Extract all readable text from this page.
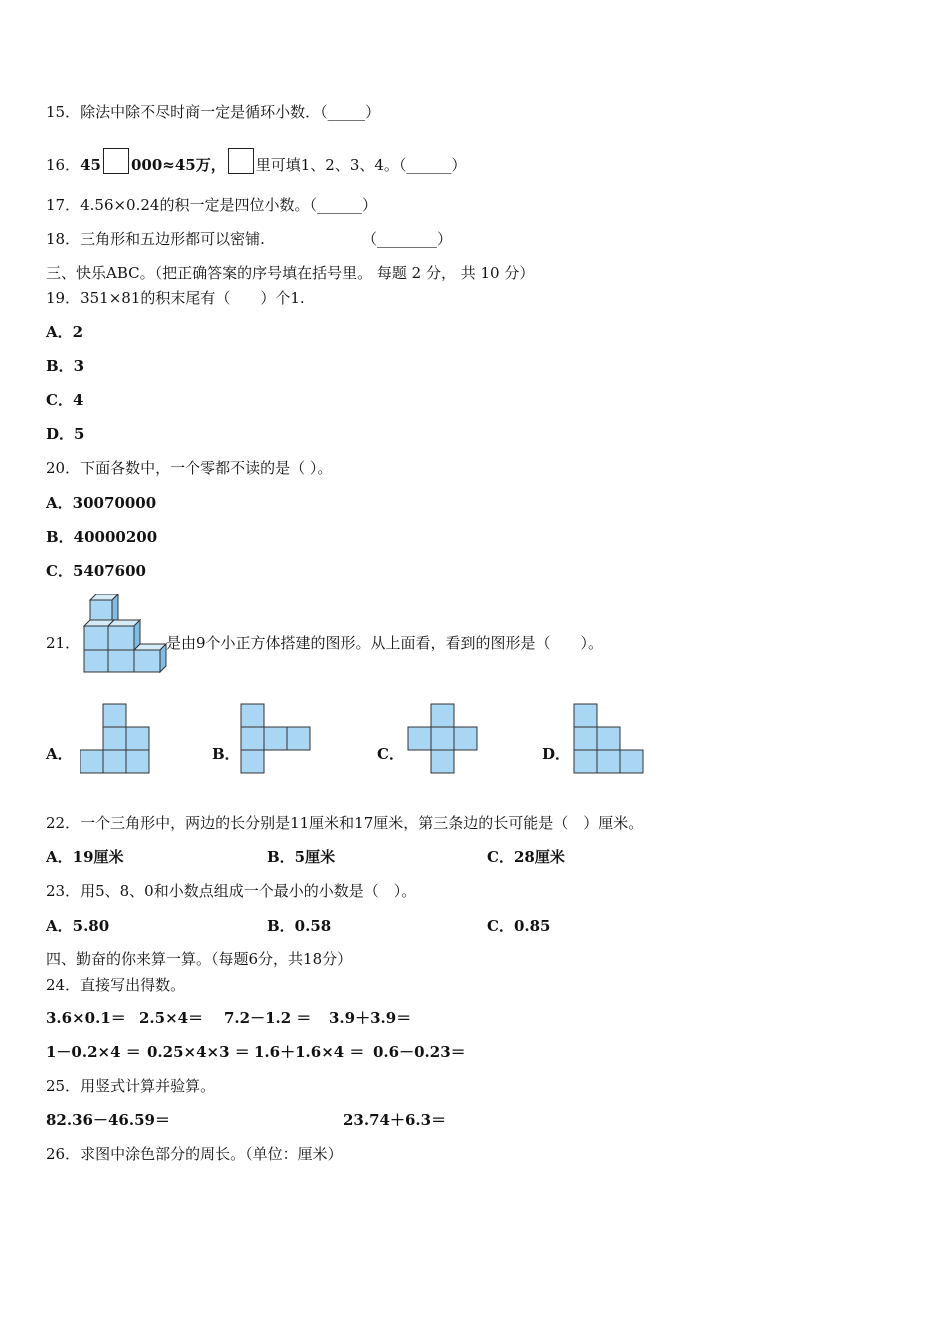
15．除法中除不尽时商一定是循环小数．（_____）
16．45 000≈45万， 里可填1、2、3、4。（______）
17．4.56×0.24的积一定是四位小数。（______）
18．三角形和五边形都可以密铺.	（________）
三、快乐ABC。（把正确答案的序号填在括号里。 每题 2 分， 共 10 分）
19．351×81的积末尾有（　　）个1.
A．2
B．3
C．4
D．5
20．下面各数中，一个零都不读的是（ ）。
A．30070000
B．40000200
C．5407600
21．	是由9个小正方体搭建的图形。从上面看，看到的图形是（　　）。
A．	B．	C．	D．
22．一个三角形中，两边的长分别是11厘米和17厘米，第三条边的长可能是（　）厘米。
A．19厘米	B．5厘米	C．28厘米
23．用5、8、0和小数点组成一个最小的小数是（　）。
A．5.80	B．0.58	C．0.85
四、勤奋的你来算一算。（每题6分，共18分）
24．直接写出得数。
3.6×0.1＝ 2.5×4＝ 7.2－1.2 ＝ 3.9＋3.9＝
1－0.2×4 ＝ 0.25×4×3 ＝ 1.6＋1.6×4 ＝ 0.6－0.23＝
25．用竖式计算并验算。
82.36－46.59＝	23.74＋6.3＝
26．求图中涂色部分的周长。（单位：厘米）
